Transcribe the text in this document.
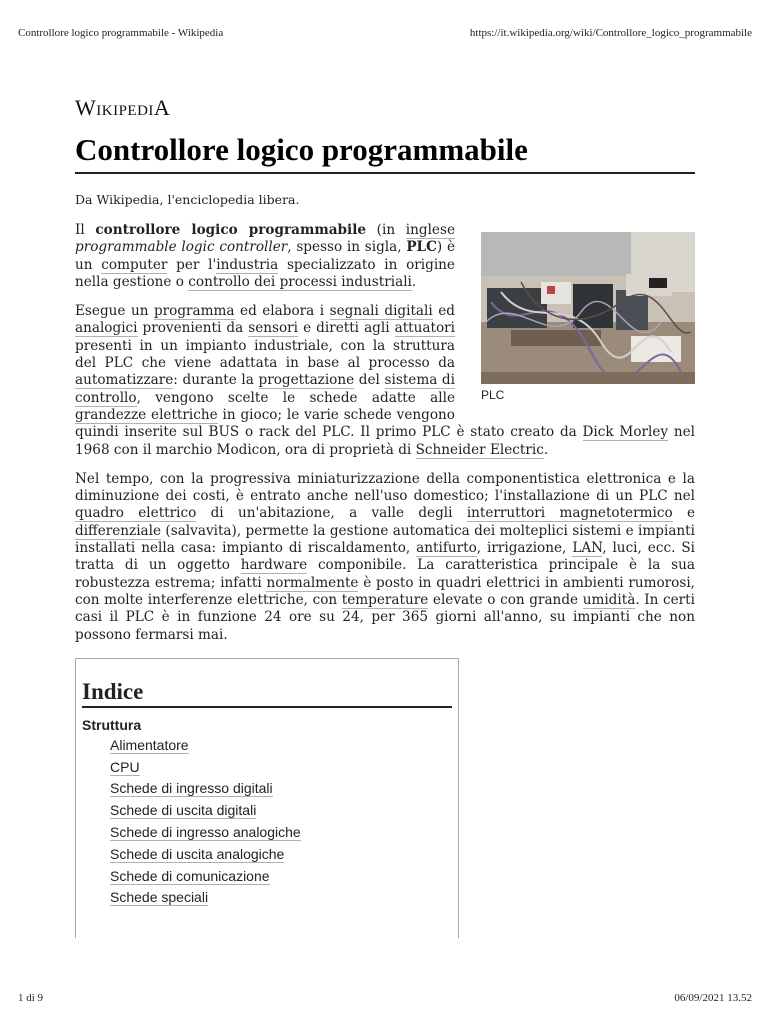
Controllore logico programmabile - Wikipedia	https://it.wikipedia.org/wiki/Controllore_logico_programmabile
WikipediA
Controllore logico programmabile
Da Wikipedia, l'enciclopedia libera.
PLC

Il controllore logico programmabile (in inglese programmable logic controller, spesso in sigla, PLC) è un computer per l'industria specializzato in origine nella gestione o controllo dei processi industriali.

Esegue un programma ed elabora i segnali digitali ed analogici provenienti da sensori e diretti agli attuatori presenti in un impianto industriale, con la struttura del PLC che viene adattata in base al processo da automatizzare: durante la progettazione del sistema di controllo, vengono scelte le schede adatte alle grandezze elettriche in gioco; le varie schede vengono quindi inserite sul BUS o rack del PLC. Il primo PLC è stato creato da Dick Morley nel 1968 con il marchio Modicon, ora di proprietà di Schneider Electric.

Nel tempo, con la progressiva miniaturizzazione della componentistica elettronica e la diminuzione dei costi, è entrato anche nell'uso domestico; l'installazione di un PLC nel quadro elettrico di un'abitazione, a valle degli interruttori magnetotermico e differenziale (salvavita), permette la gestione automatica dei molteplici sistemi e impianti installati nella casa: impianto di riscaldamento, antifurto, irrigazione, LAN, luci, ecc. Si tratta di un oggetto hardware componibile. La caratteristica principale è la sua robustezza estrema; infatti normalmente è posto in quadri elettrici in ambienti rumorosi, con molte interferenze elettriche, con temperature elevate o con grande umidità. In certi casi il PLC è in funzione 24 ore su 24, per 365 giorni all'anno, su impianti che non possono fermarsi mai.

Indice
Struttura
Alimentatore
CPU
Schede di ingresso digitali
Schede di uscita digitali
Schede di ingresso analogiche
Schede di uscita analogiche
Schede di comunicazione
Schede speciali
1 di 9	06/09/2021 13.52
